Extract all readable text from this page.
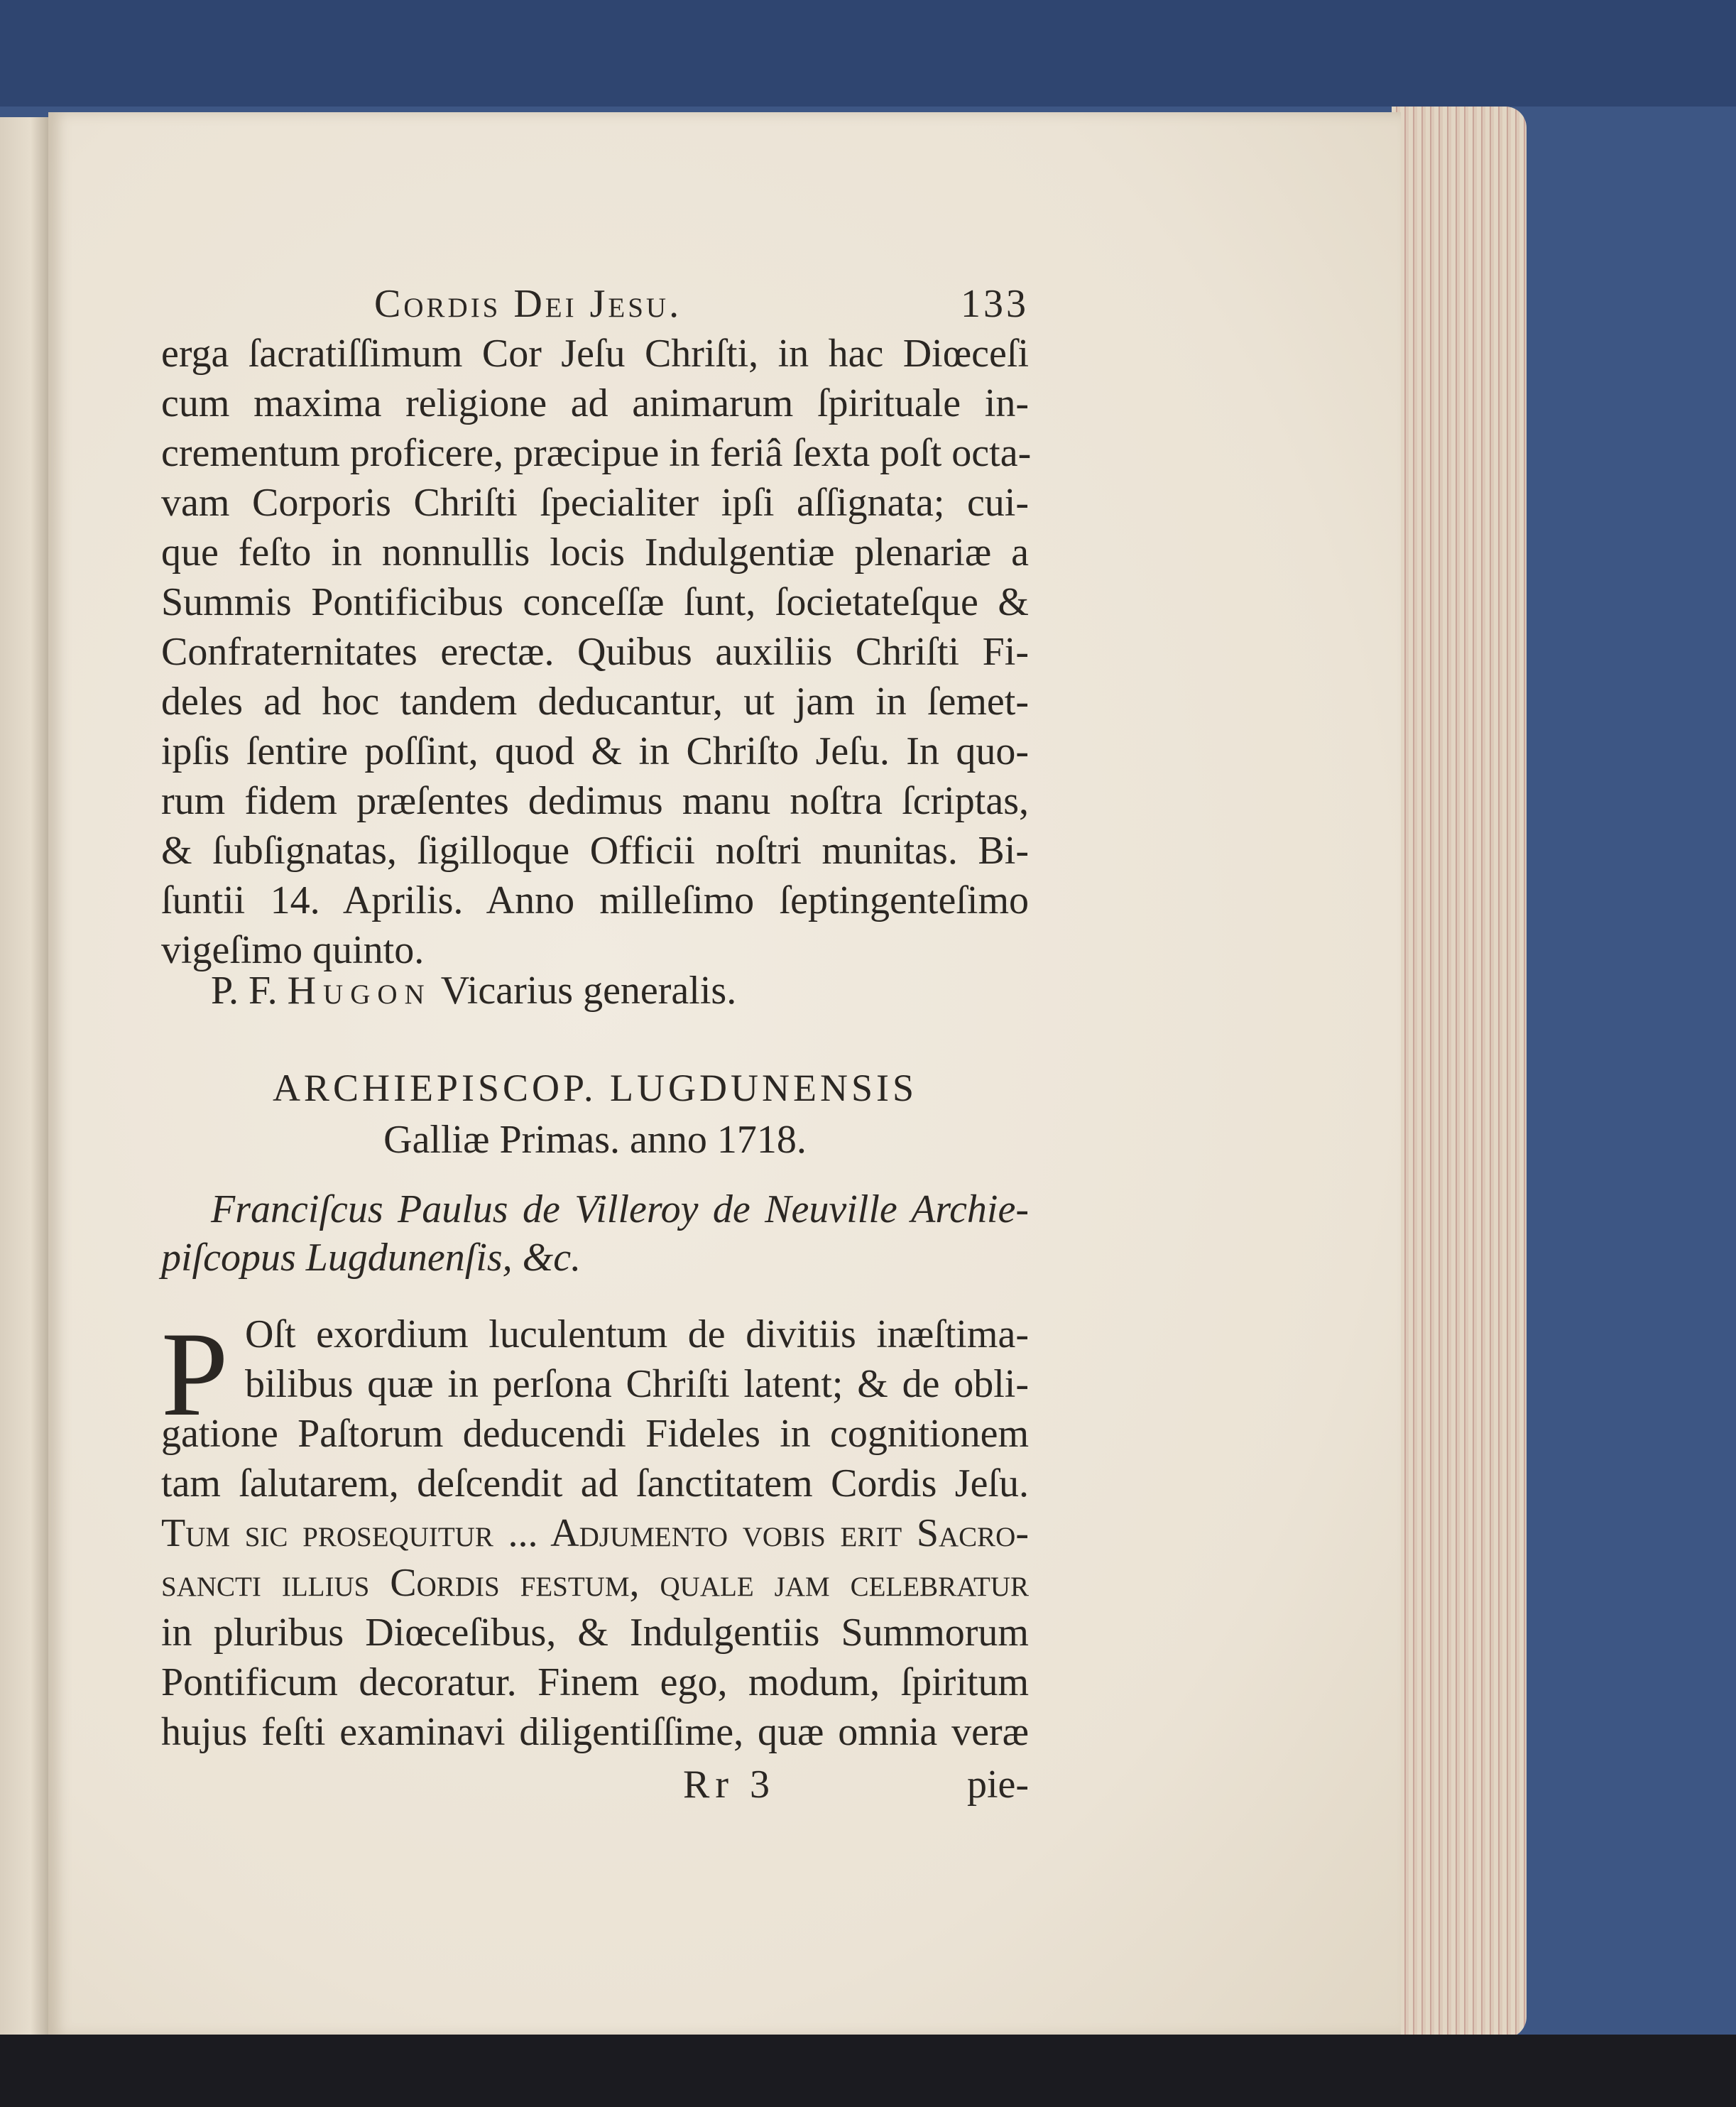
Cordis Dei Jesu.	133
P. F. Hugon Vicarius generalis.
ARCHIEPISCOP. LUGDUNENSIS
Galliæ Primas. anno 1718.
Franciſcus Paulus de Villeroy de Neuville Archie-
piſcopus Lugdunenſis, &c.
P Oſt exordium luculentum de divitiis inæſtima-
Rr 3	pie-
erga ſacratiſſimum Cor Jeſu Chriſti, in hac Diœceſi
cum maxima religione ad animarum ſpirituale in-
crementum proficere, præcipue in feriâ ſexta poſt octa-
vam Corporis Chriſti ſpecialiter ipſi aſſignata; cui-
que feſto in nonnullis locis Indulgentiæ plenariæ a
Summis Pontificibus conceſſæ ſunt, ſocietateſque &
Confraternitates erectæ. Quibus auxiliis Chriſti Fi-
deles ad hoc tandem deducantur, ut jam in ſemet-
ipſis ſentire poſſint, quod & in Chriſto Jeſu. In quo-
rum fidem præſentes dedimus manu noſtra ſcriptas,
& ſubſignatas, ſigilloque Officii noſtri munitas. Bi-
ſuntii 14. Aprilis. Anno milleſimo ſeptingenteſimo
vigeſimo quinto.
bilibus quæ in perſona Chriſti latent; & de obli-
gatione Paſtorum deducendi Fideles in cognitionem
tam ſalutarem, deſcendit ad ſanctitatem Cordis Jeſu.
Tum ſic proſequitur ... Adjumento vobis erit Sacro-
sancti illius Cordis festum, quale jam celebratur
in pluribus Diœceſibus, & Indulgentiis Summorum
Pontificum decoratur. Finem ego, modum, ſpiritum
hujus feſti examinavi diligentiſſime, quæ omnia veræ
